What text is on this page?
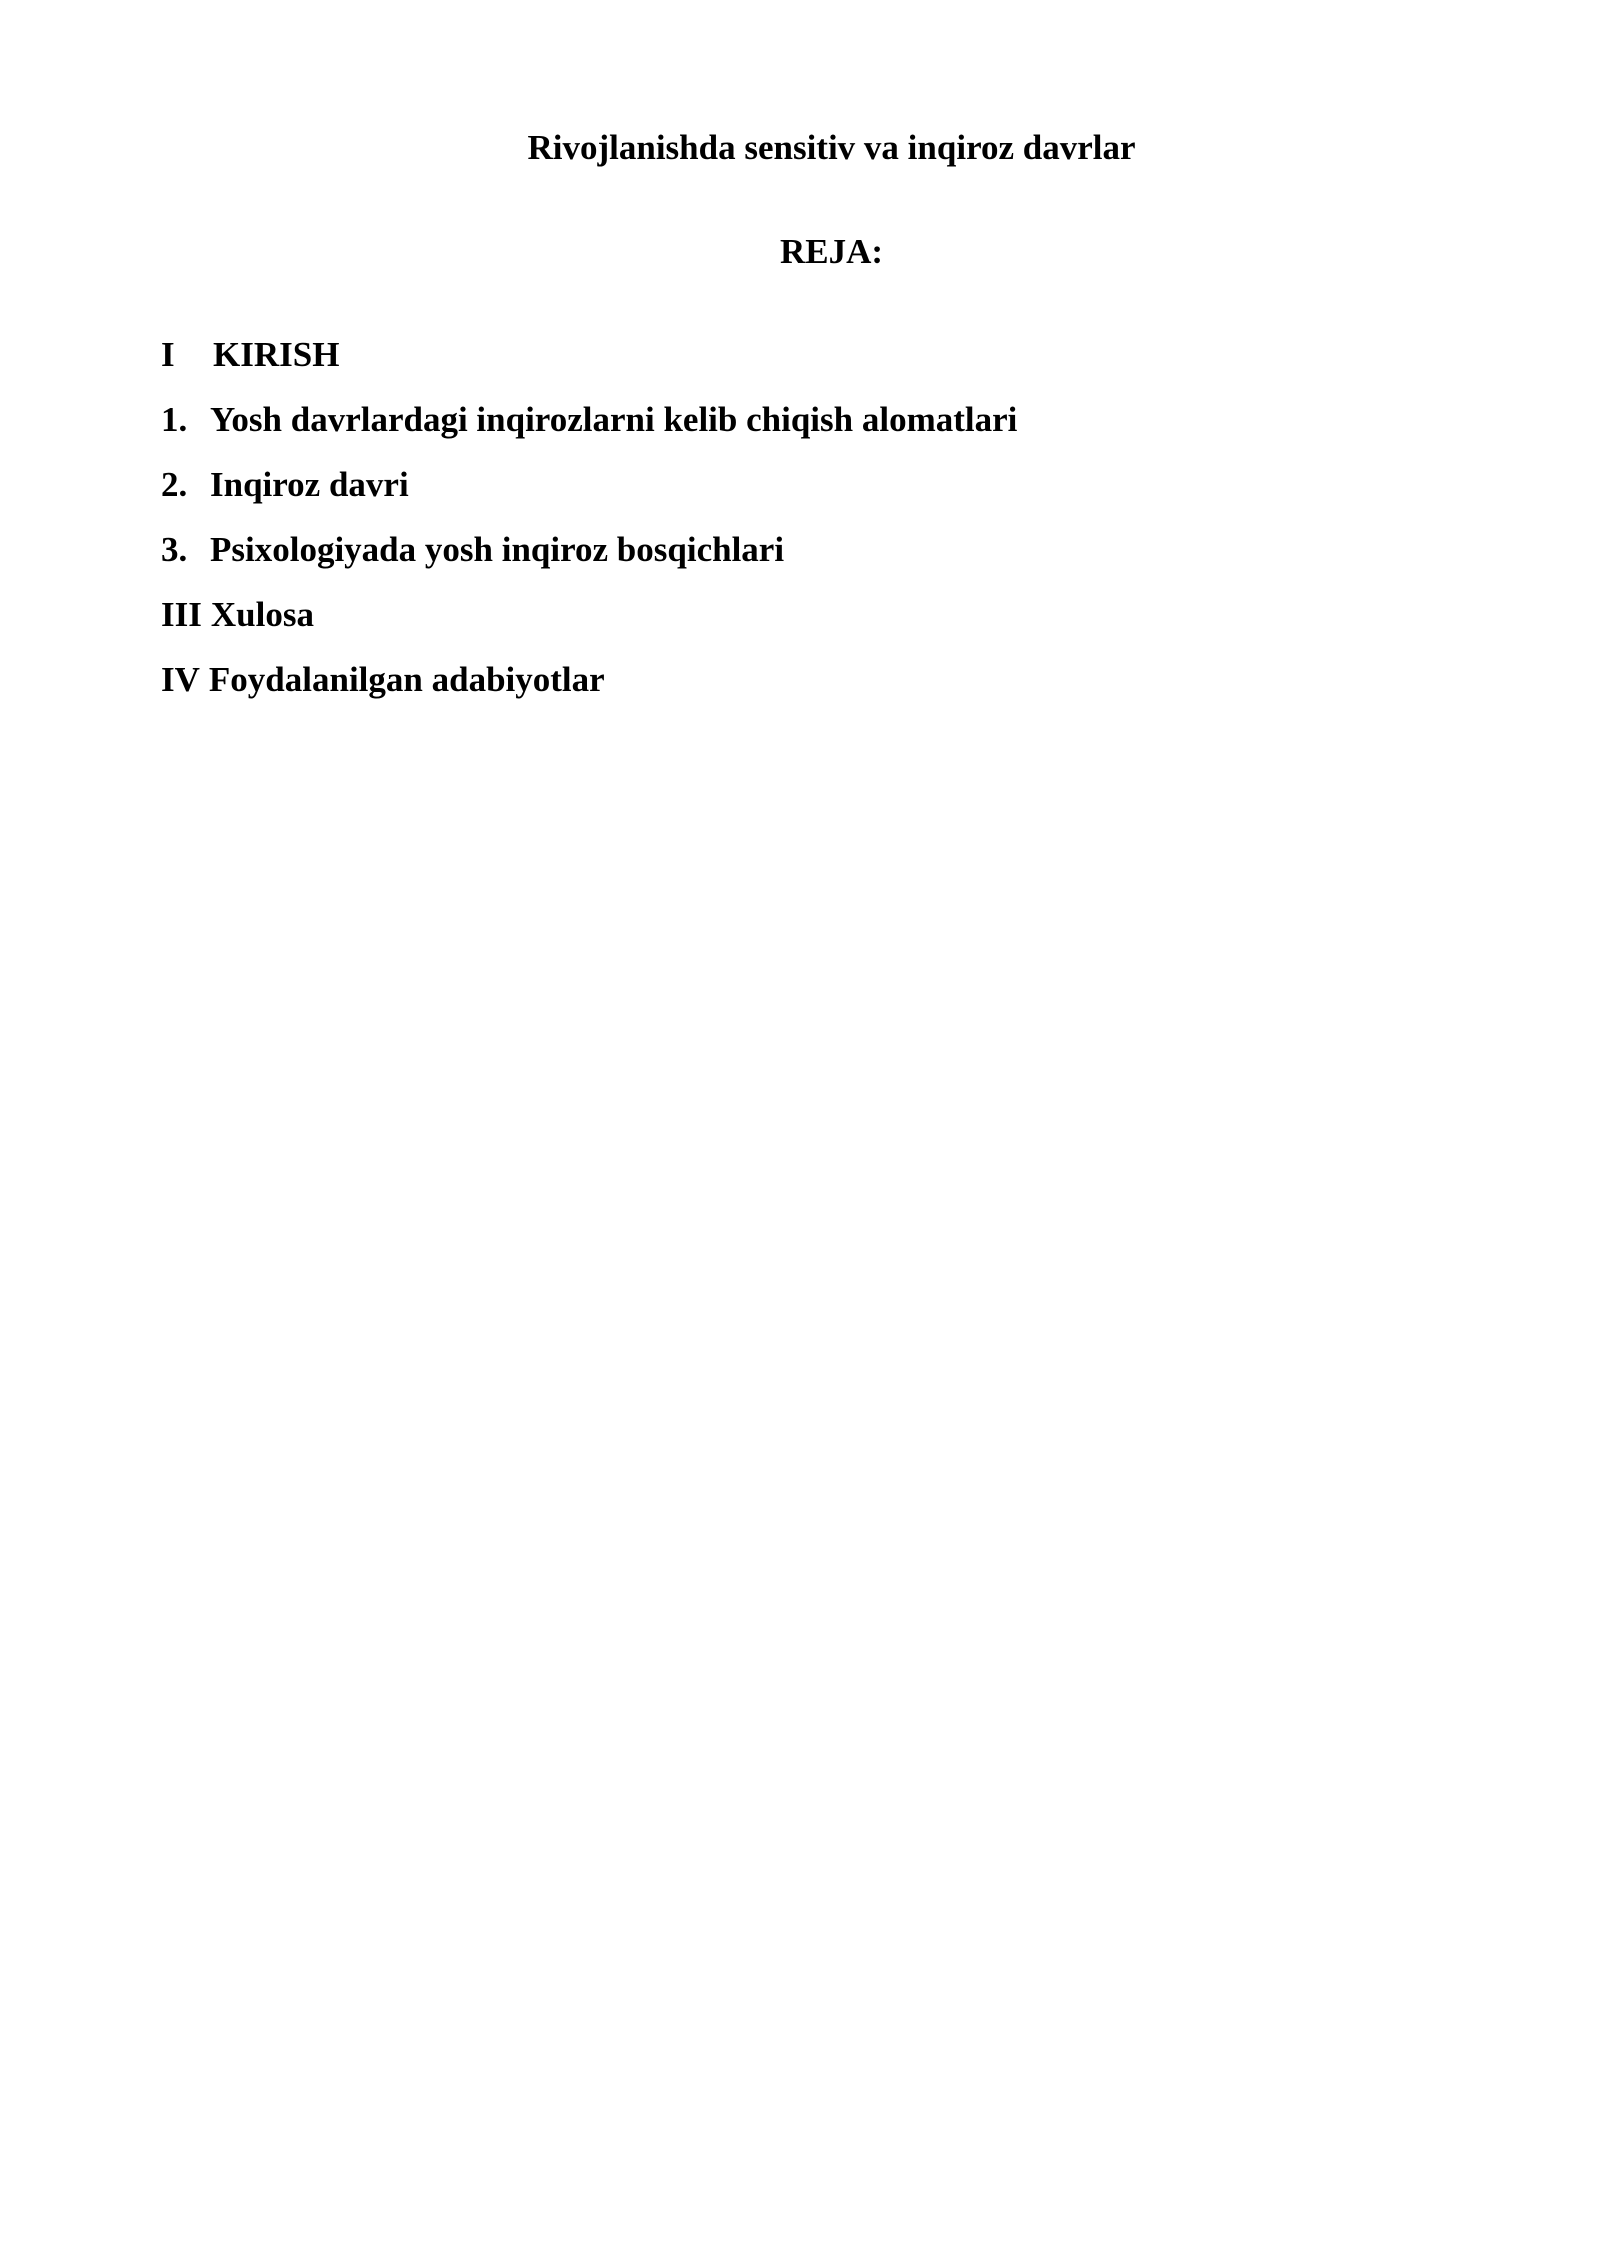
Rivojlanishda sensitiv va inqiroz davrlar
REJA:
I	KIRISH
1. Yosh davrlardagi inqirozlarni kelib chiqish alomatlari
2. Inqiroz davri
3. Psixologiyada yosh inqiroz bosqichlari
III Xulosa
IV Foydalanilgan adabiyotlar
